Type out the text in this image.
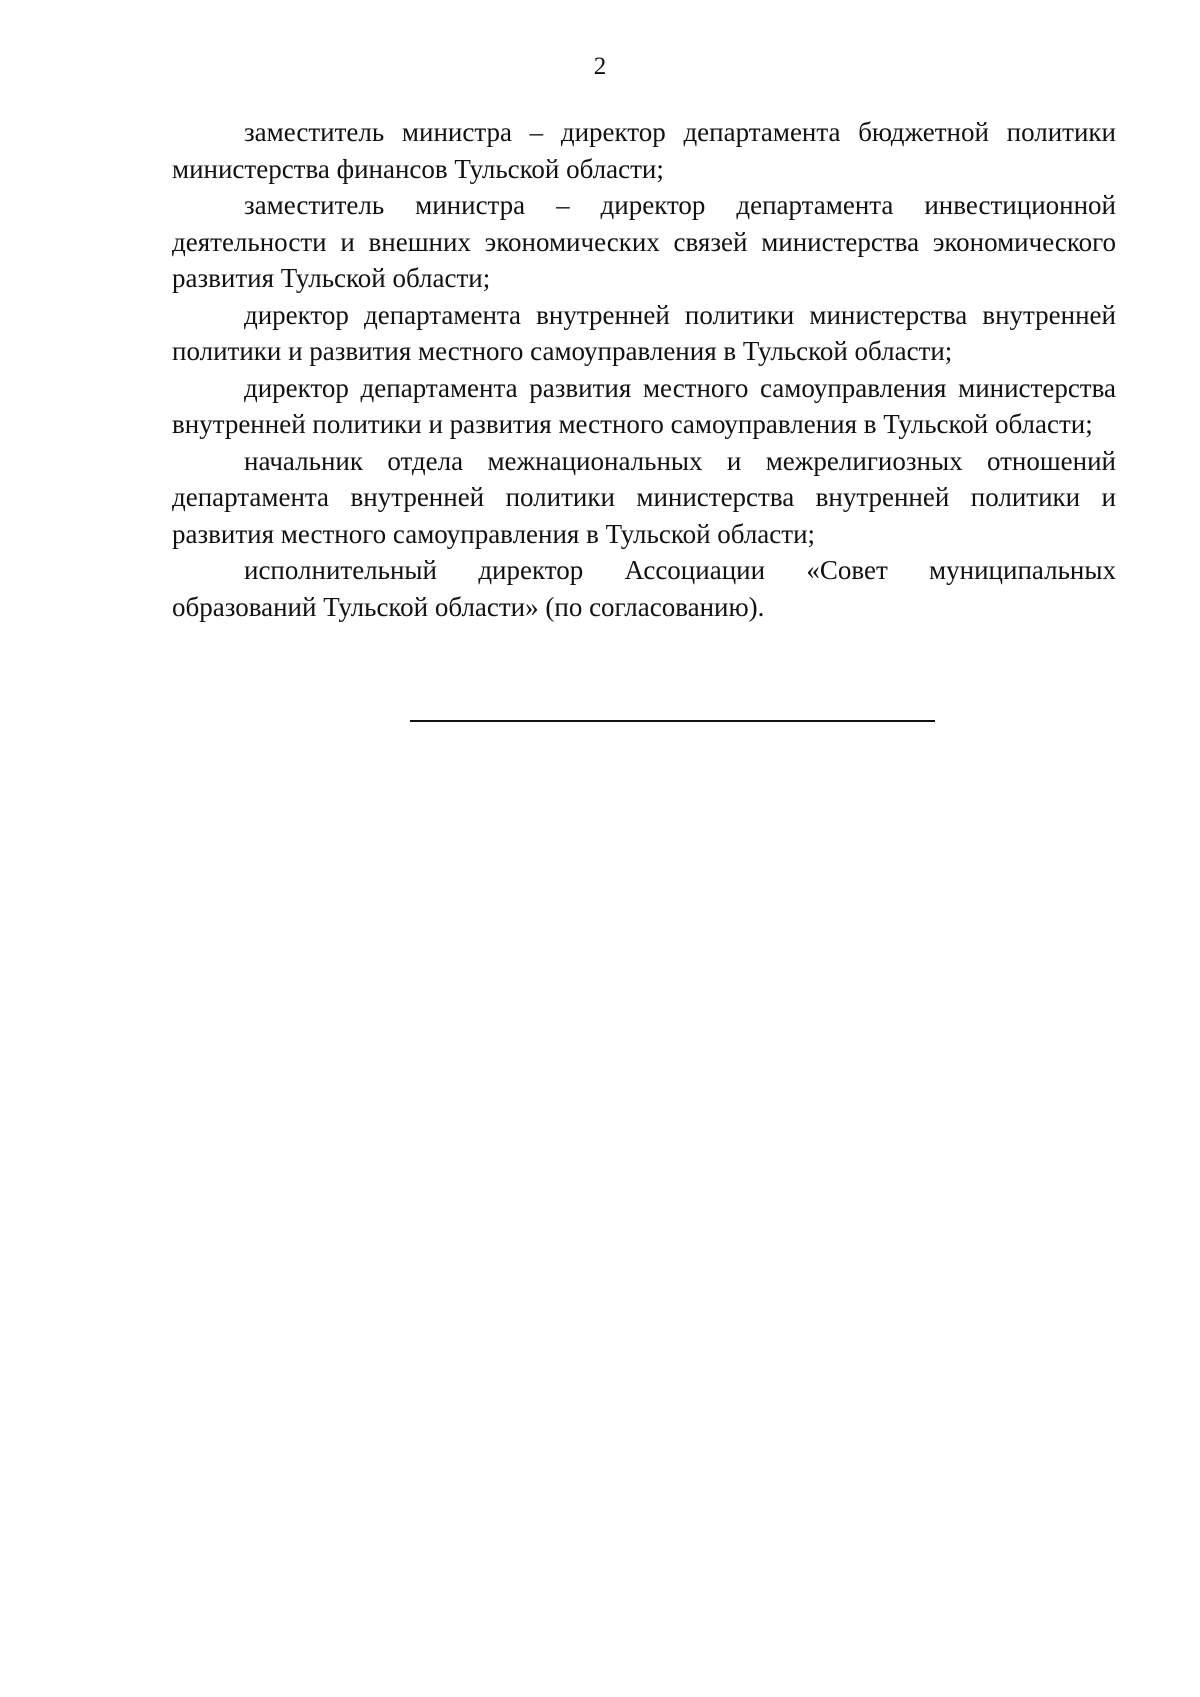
2

заместитель министра – директор департамента бюджетной политики министерства финансов Тульской области;

заместитель министра – директор департамента инвестиционной деятельности и внешних экономических связей министерства экономического развития Тульской области;

директор департамента внутренней политики министерства внутренней политики и развития местного самоуправления в Тульской области;

директор департамента развития местного самоуправления министерства внутренней политики и развития местного самоуправления в Тульской области;

начальник отдела межнациональных и межрелигиозных отношений департамента внутренней политики министерства внутренней политики и развития местного самоуправления в Тульской области;

исполнительный директор Ассоциации «Совет муниципальных образований Тульской области» (по согласованию).
